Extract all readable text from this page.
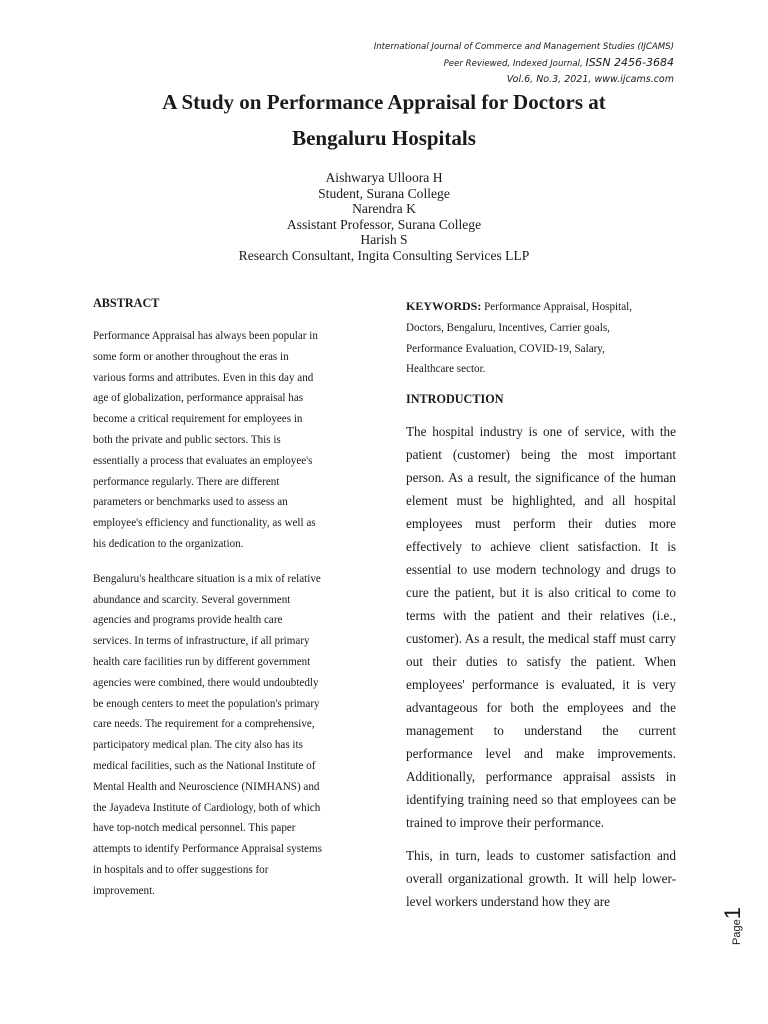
International Journal of Commerce and Management Studies (IJCAMS)
Peer Reviewed, Indexed Journal, ISSN 2456-3684
Vol.6, No.3, 2021, www.ijcams.com
A Study on Performance Appraisal for Doctors at
Bengaluru Hospitals
Aishwarya Ulloora H
Student, Surana College
Narendra K
Assistant Professor, Surana College
Harish S
Research Consultant, Ingita Consulting Services LLP
ABSTRACT

Performance Appraisal has always been popular in
some form or another throughout the eras in
various forms and attributes. Even in this day and
age of globalization, performance appraisal has
become a critical requirement for employees in
both the private and public sectors. This is
essentially a process that evaluates an employee's
performance regularly. There are different
parameters or benchmarks used to assess an
employee's efficiency and functionality, as well as
his dedication to the organization.

Bengaluru's healthcare situation is a mix of relative
abundance and scarcity. Several government
agencies and programs provide health care
services. In terms of infrastructure, if all primary
health care facilities run by different government
agencies were combined, there would undoubtedly
be enough centers to meet the population's primary
care needs. The requirement for a comprehensive,
participatory medical plan. The city also has its
medical facilities, such as the National Institute of
Mental Health and Neuroscience (NIMHANS) and
the Jayadeva Institute of Cardiology, both of which
have top-notch medical personnel. This paper
attempts to identify Performance Appraisal systems
in hospitals and to offer suggestions for
improvement.

KEYWORDS: Performance Appraisal, Hospital,
Doctors, Bengaluru, Incentives, Carrier goals,
Performance Evaluation, COVID-19, Salary,
Healthcare sector.

INTRODUCTION

The hospital industry is one of service, with the patient (customer) being the most important person. As a result, the significance of the human element must be highlighted, and all hospital employees must perform their duties more effectively to achieve client satisfaction. It is essential to use modern technology and drugs to cure the patient, but it is also critical to come to terms with the patient and their relatives (i.e., customer). As a result, the medical staff must carry out their duties to satisfy the patient. When employees' performance is evaluated, it is very advantageous for both the employees and the management to understand the current performance level and make improvements. Additionally, performance appraisal assists in identifying training need so that employees can be trained to improve their performance.

This, in turn, leads to customer satisfaction and overall organizational growth. It will help lower-level workers understand how they are

Page1
